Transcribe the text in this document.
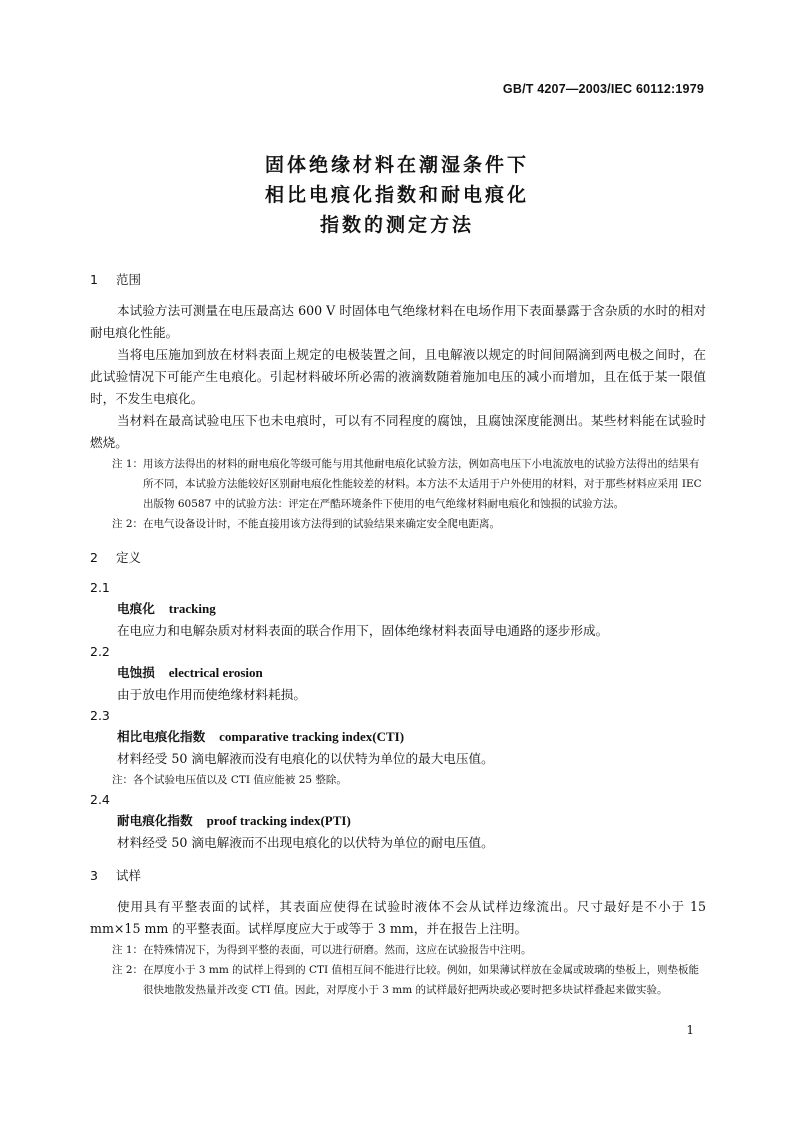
GB/T 4207—2003/IEC 60112:1979
固体绝缘材料在潮湿条件下
相比电痕化指数和耐电痕化
指数的测定方法
1 范围

本试验方法可测量在电压最高达 600 V 时固体电气绝缘材料在电场作用下表面暴露于含杂质的水时的相对耐电痕化性能。

当将电压施加到放在材料表面上规定的电极装置之间，且电解液以规定的时间间隔滴到两电极之间时，在此试验情况下可能产生电痕化。引起材料破坏所必需的液滴数随着施加电压的减小而增加，且在低于某一限值时，不发生电痕化。

当材料在最高试验电压下也未电痕时，可以有不同程度的腐蚀，且腐蚀深度能测出。某些材料能在试验时燃烧。

注 1： 用该方法得出的材料的耐电痕化等级可能与用其他耐电痕化试验方法，例如高电压下小电流放电的试验方法得出的结果有所不同，本试验方法能较好区别耐电痕化性能较差的材料。本方法不太适用于户外使用的材料，对于那些材料应采用 IEC 出版物 60587 中的试验方法：评定在严酷环境条件下使用的电气绝缘材料耐电痕化和蚀损的试验方法。
注 2： 在电气设备设计时，不能直接用该方法得到的试验结果来确定安全爬电距离。
2 定义
2.1
电痕化 tracking

在电应力和电解杂质对材料表面的联合作用下，固体绝缘材料表面导电通路的逐步形成。

2.2
电蚀损 electrical erosion

由于放电作用而使绝缘材料耗损。

2.3
相比电痕化指数 comparative tracking index(CTI)

材料经受 50 滴电解液而没有电痕化的以伏特为单位的最大电压值。

注：各个试验电压值以及 CTI 值应能被 25 整除。
2.4
耐电痕化指数 proof tracking index(PTI)

材料经受 50 滴电解液而不出现电痕化的以伏特为单位的耐电压值。

3 试样

使用具有平整表面的试样，其表面应使得在试验时液体不会从试样边缘流出。尺寸最好是不小于 15 mm×15 mm 的平整表面。试样厚度应大于或等于 3 mm，并在报告上注明。

注 1： 在特殊情况下，为得到平整的表面，可以进行研磨。然而，这应在试验报告中注明。
注 2： 在厚度小于 3 mm 的试样上得到的 CTI 值相互间不能进行比较。例如，如果薄试样放在金属或玻璃的垫板上，则垫板能很快地散发热量并改变 CTI 值。因此，对厚度小于 3 mm 的试样最好把两块或必要时把多块试样叠起来做实验。
1
